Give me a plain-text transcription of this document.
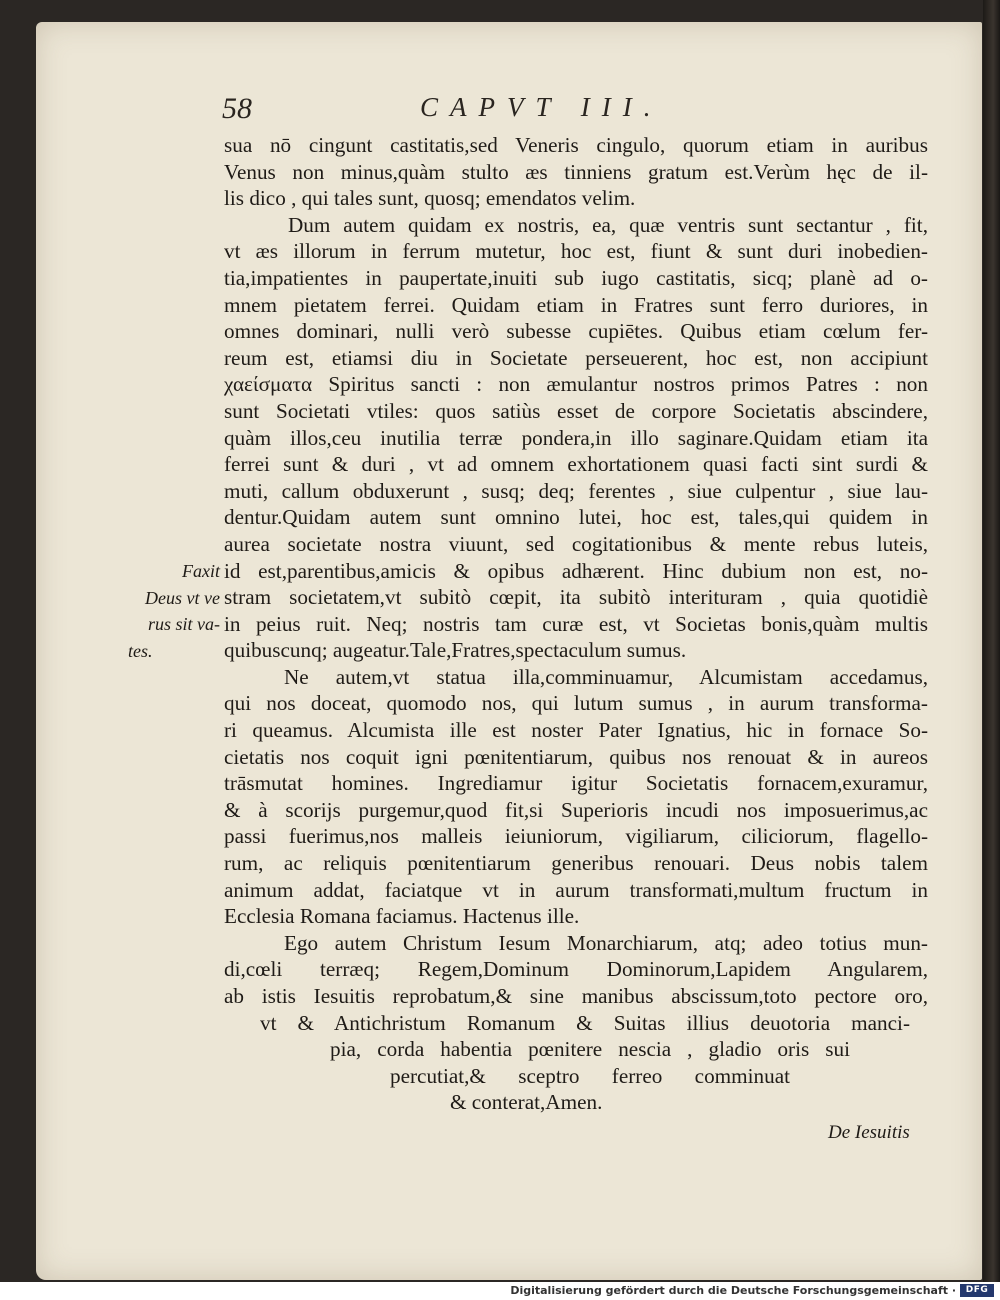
58	CAPVT III.
sua nō cingunt castitatis,sed Veneris cingulo, quorum etiam in auribus
Venus non minus,quàm stulto æs tinniens gratum est.Verùm hęc de il-
lis dico , qui tales sunt, quosq; emendatos velim.
Dum autem quidam ex nostris, ea, quæ ventris sunt sectantur , fit,
vt æs illorum in ferrum mutetur, hoc est, fiunt & sunt duri inobedien-
tia,impatientes in paupertate,inuiti sub iugo castitatis, sicq; planè ad o-
mnem pietatem ferrei. Quidam etiam in Fratres sunt ferro duriores, in
omnes dominari, nulli verò subesse cupiētes. Quibus etiam cœlum fer-
reum est, etiamsi diu in Societate perseuerent, hoc est, non accipiunt
χαείσματα Spiritus sancti : non æmulantur nostros primos Patres : non
sunt Societati vtiles: quos satiùs esset de corpore Societatis abscindere,
quàm illos,ceu inutilia terræ pondera,in illo saginare.Quidam etiam ita
ferrei sunt & duri , vt ad omnem exhortationem quasi facti sint surdi &
muti, callum obduxerunt , susq; deq; ferentes , siue culpentur , siue lau-
dentur.Quidam autem sunt omnino lutei, hoc est, tales,qui quidem in
aurea societate nostra viuunt, sed cogitationibus & mente rebus luteis,
id est,parentibus,amicis & opibus adhærent. Hinc dubium non est, no-
stram societatem,vt subitò cœpit, ita subitò interituram , quia quotidiè
in peius ruit. Neq; nostris tam curæ est, vt Societas bonis,quàm multis
quibuscunq; augeatur.Tale,Fratres,spectaculum sumus.
Ne autem,vt statua illa,comminuamur, Alcumistam accedamus,
qui nos doceat, quomodo nos, qui lutum sumus , in aurum transforma-
ri queamus. Alcumista ille est noster Pater Ignatius, hic in fornace So-
cietatis nos coquit igni pœnitentiarum, quibus nos renouat & in aureos
trāsmutat homines. Ingrediamur igitur Societatis fornacem,exuramur,
& à scorijs purgemur,quod fit,si Superioris incudi nos imposuerimus,ac
passi fuerimus,nos malleis ieiuniorum, vigiliarum, ciliciorum, flagello-
rum, ac reliquis pœnitentiarum generibus renouari. Deus nobis talem
animum addat, faciatque vt in aurum transformati,multum fructum in
Ecclesia Romana faciamus. Hactenus ille.
Ego autem Christum Iesum Monarchiarum, atq; adeo totius mun-
di,cœli terræq; Regem,Dominum Dominorum,Lapidem Angularem,
ab istis Iesuitis reprobatum,& sine manibus abscissum,toto pectore oro,
vt & Antichristum Romanum & Suitas illius deuotoria manci-
pia, corda habentia pœnitere nescia , gladio oris sui
percutiat,& sceptro ferreo comminuat
& conterat,Amen.
Faxit
Deus vt ve
rus sit va-
tes.
De Iesuitis
Digitalisierung gefördert durch die Deutsche Forschungsgemeinschaft ·	DFG
